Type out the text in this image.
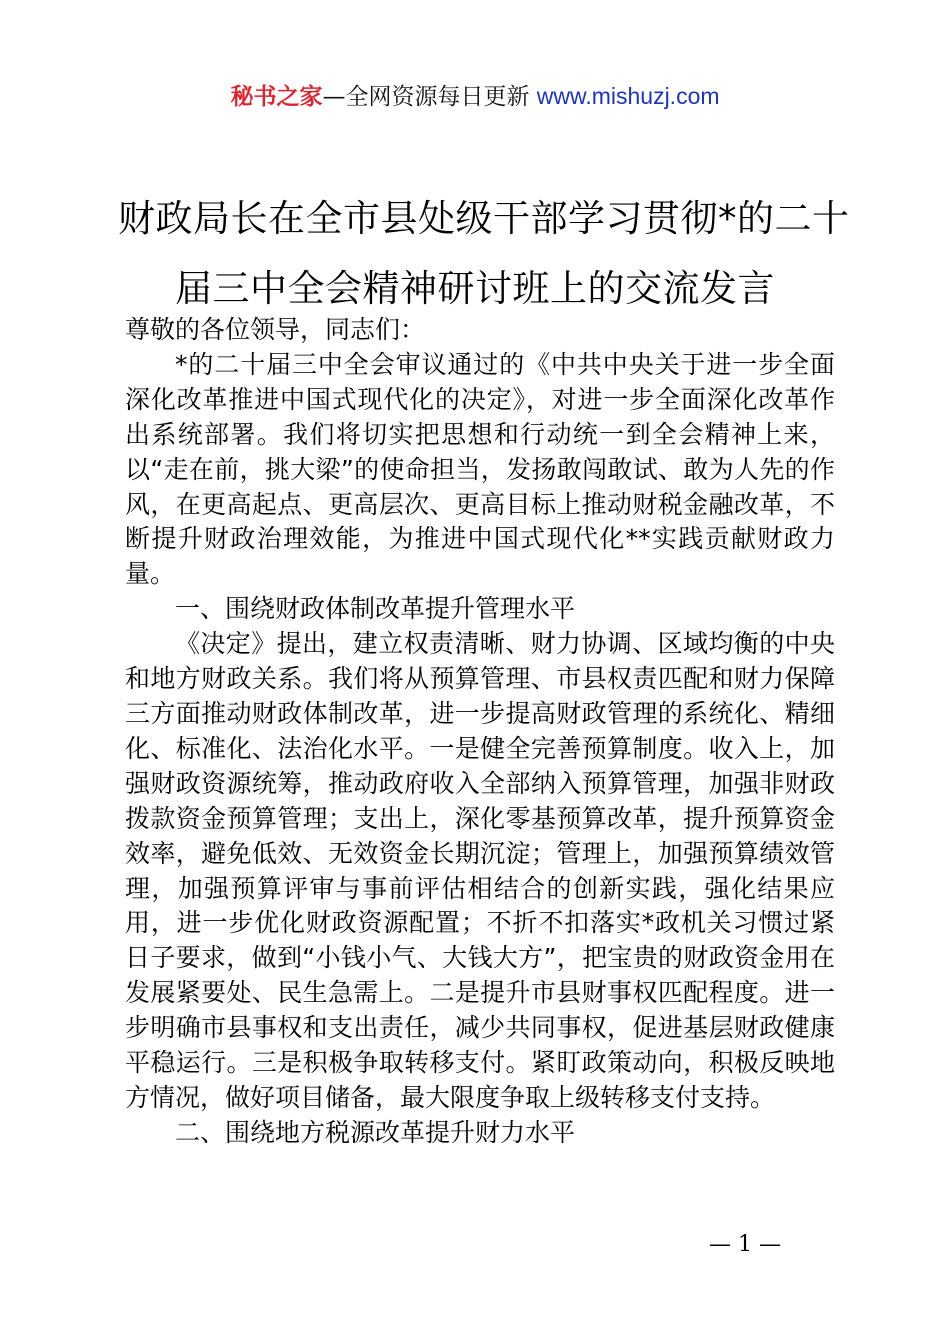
秘书之家—全网资源每日更新 www.mishuzj.com
财政局长在全市县处级干部学习贯彻*的二十
届三中全会精神研讨班上的交流发言

尊敬的各位领导，同志们：

*的二十届三中全会审议通过的《中共中央关于进一步全面深化改革推进中国式现代化的决定》，对进一步全面深化改革作出系统部署。我们将切实把思想和行动统一到全会精神上来，以“走在前，挑大梁”的使命担当，发扬敢闯敢试、敢为人先的作风，在更高起点、更高层次、更高目标上推动财税金融改革，不断提升财政治理效能，为推进中国式现代化**实践贡献财政力量。

一、围绕财政体制改革提升管理水平

《决定》提出，建立权责清晰、财力协调、区域均衡的中央和地方财政关系。我们将从预算管理、市县权责匹配和财力保障三方面推动财政体制改革，进一步提高财政管理的系统化、精细化、标准化、法治化水平。一是健全完善预算制度。收入上，加强财政资源统筹，推动政府收入全部纳入预算管理，加强非财政拨款资金预算管理；支出上，深化零基预算改革，提升预算资金效率，避免低效、无效资金长期沉淀；管理上，加强预算绩效管理，加强预算评审与事前评估相结合的创新实践，强化结果应用，进一步优化财政资源配置；不折不扣落实*政机关习惯过紧日子要求，做到“小钱小气、大钱大方”，把宝贵的财政资金用在发展紧要处、民生急需上。二是提升市县财事权匹配程度。进一步明确市县事权和支出责任，减少共同事权，促进基层财政健康平稳运行。三是积极争取转移支付。紧盯政策动向，积极反映地方情况，做好项目储备，最大限度争取上级转移支付支持。

二、围绕地方税源改革提升财力水平

— 1 —
